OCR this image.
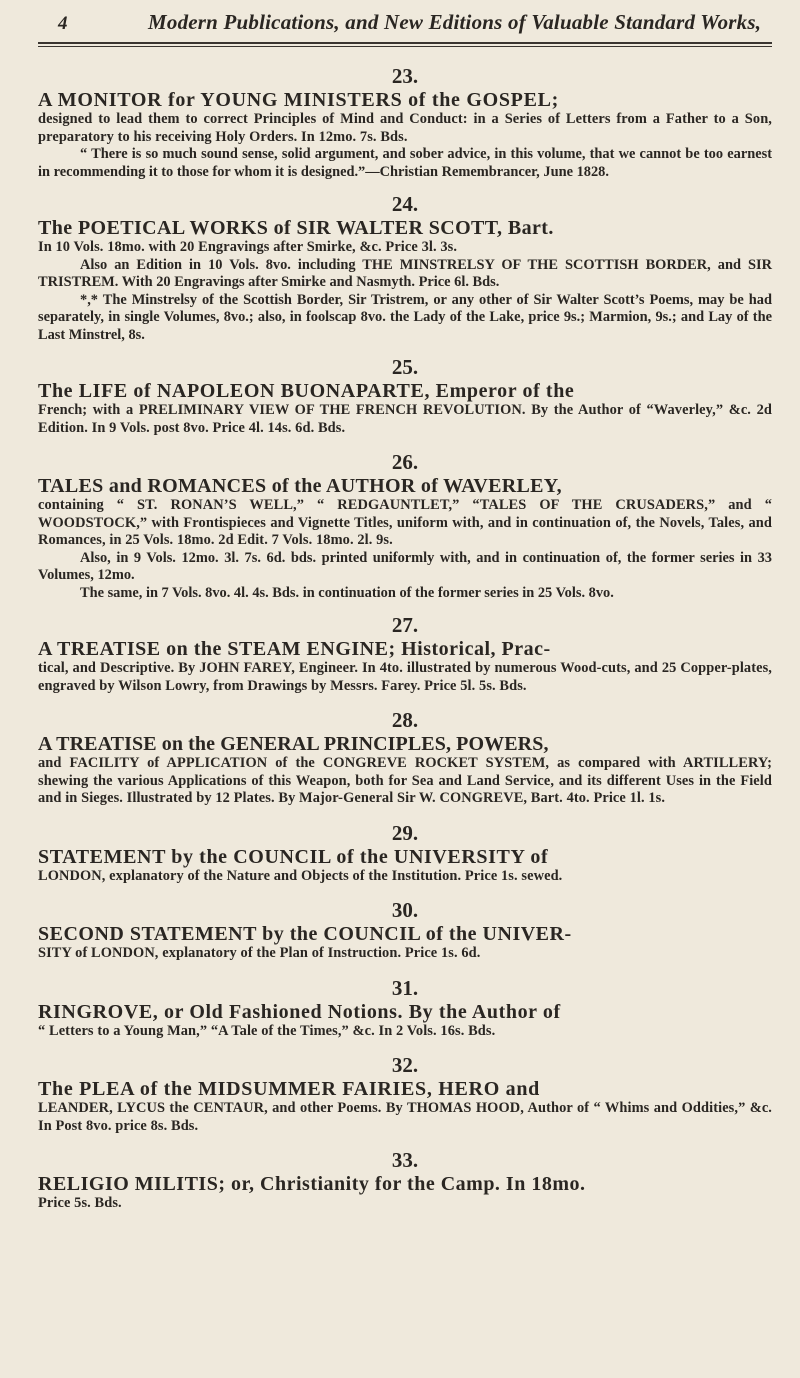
4	Modern Publications, and New Editions of Valuable Standard Works,
23.
A MONITOR for YOUNG MINISTERS of the GOSPEL;
designed to lead them to correct Principles of Mind and Conduct: in a Series of Letters from a Father to a Son, preparatory to his receiving Holy Orders. In 12mo. 7s. Bds.
“ There is so much sound sense, solid argument, and sober advice, in this volume, that we cannot be too earnest in recommending it to those for whom it is designed.”—Christian Remembrancer, June 1828.
24.
The POETICAL WORKS of SIR WALTER SCOTT, Bart.
In 10 Vols. 18mo. with 20 Engravings after Smirke, &c. Price 3l. 3s.
Also an Edition in 10 Vols. 8vo. including THE MINSTRELSY OF THE SCOTTISH BORDER, and SIR TRISTREM. With 20 Engravings after Smirke and Nasmyth. Price 6l. Bds.
*,* The Minstrelsy of the Scottish Border, Sir Tristrem, or any other of Sir Walter Scott’s Poems, may be had separately, in single Volumes, 8vo.; also, in foolscap 8vo. the Lady of the Lake, price 9s.; Marmion, 9s.; and Lay of the Last Minstrel, 8s.
25.
The LIFE of NAPOLEON BUONAPARTE, Emperor of the
French; with a PRELIMINARY VIEW OF THE FRENCH REVOLUTION. By the Author of “Waverley,” &c. 2d Edition. In 9 Vols. post 8vo. Price 4l. 14s. 6d. Bds.
26.
TALES and ROMANCES of the AUTHOR of WAVERLEY,
containing “ ST. RONAN’S WELL,” “ REDGAUNTLET,” “TALES OF THE CRUSADERS,” and “ WOODSTOCK,” with Frontispieces and Vignette Titles, uniform with, and in continuation of, the Novels, Tales, and Romances, in 25 Vols. 18mo. 2d Edit. 7 Vols. 18mo. 2l. 9s.
Also, in 9 Vols. 12mo. 3l. 7s. 6d. bds. printed uniformly with, and in continuation of, the former series in 33 Volumes, 12mo.
The same, in 7 Vols. 8vo. 4l. 4s. Bds. in continuation of the former series in 25 Vols. 8vo.
27.
A TREATISE on the STEAM ENGINE; Historical, Prac-
tical, and Descriptive. By JOHN FAREY, Engineer. In 4to. illustrated by numerous Wood-cuts, and 25 Copper-plates, engraved by Wilson Lowry, from Drawings by Messrs. Farey. Price 5l. 5s. Bds.
28.
A TREATISE on the GENERAL PRINCIPLES, POWERS,
and FACILITY of APPLICATION of the CONGREVE ROCKET SYSTEM, as compared with ARTILLERY; shewing the various Applications of this Weapon, both for Sea and Land Service, and its different Uses in the Field and in Sieges. Illustrated by 12 Plates. By Major-General Sir W. CONGREVE, Bart. 4to. Price 1l. 1s.
29.
STATEMENT by the COUNCIL of the UNIVERSITY of
LONDON, explanatory of the Nature and Objects of the Institution. Price 1s. sewed.
30.
SECOND STATEMENT by the COUNCIL of the UNIVER-
SITY of LONDON, explanatory of the Plan of Instruction. Price 1s. 6d.
31.
RINGROVE, or Old Fashioned Notions. By the Author of
“ Letters to a Young Man,” “A Tale of the Times,” &c. In 2 Vols. 16s. Bds.
32.
The PLEA of the MIDSUMMER FAIRIES, HERO and
LEANDER, LYCUS the CENTAUR, and other Poems. By THOMAS HOOD, Author of “ Whims and Oddities,” &c. In Post 8vo. price 8s. Bds.
33.
RELIGIO MILITIS; or, Christianity for the Camp. In 18mo.
Price 5s. Bds.
